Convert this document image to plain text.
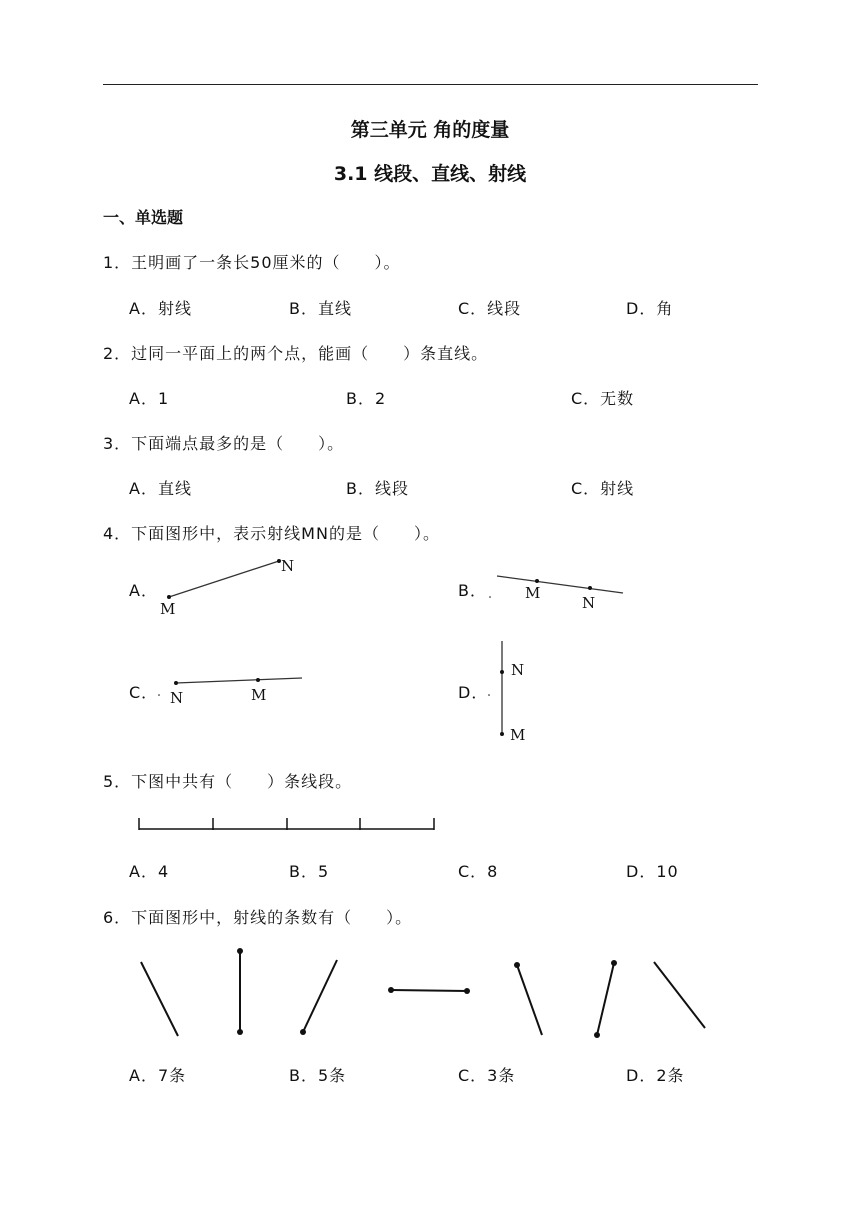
第三单元 角的度量
3.1 线段、直线、射线
一、单选题
1．王明画了一条长50厘米的（　　）。
A．射线	B．直线	C．线段	D．角
2．过同一平面上的两个点，能画（　　）条直线。
A．1	B．2	C．无数
3．下面端点最多的是（　　）。
A．直线	B．线段	C．射线
4．下面图形中，表示射线MN的是（　　）。
A．	B．
C．	D．
N
M
M
N
N	M
N
M
5．下图中共有（　　）条线段。
A．4	B．5	C．8	D．10
6．下面图形中，射线的条数有（　　）。
A．7条	B．5条	C．3条	D．2条
